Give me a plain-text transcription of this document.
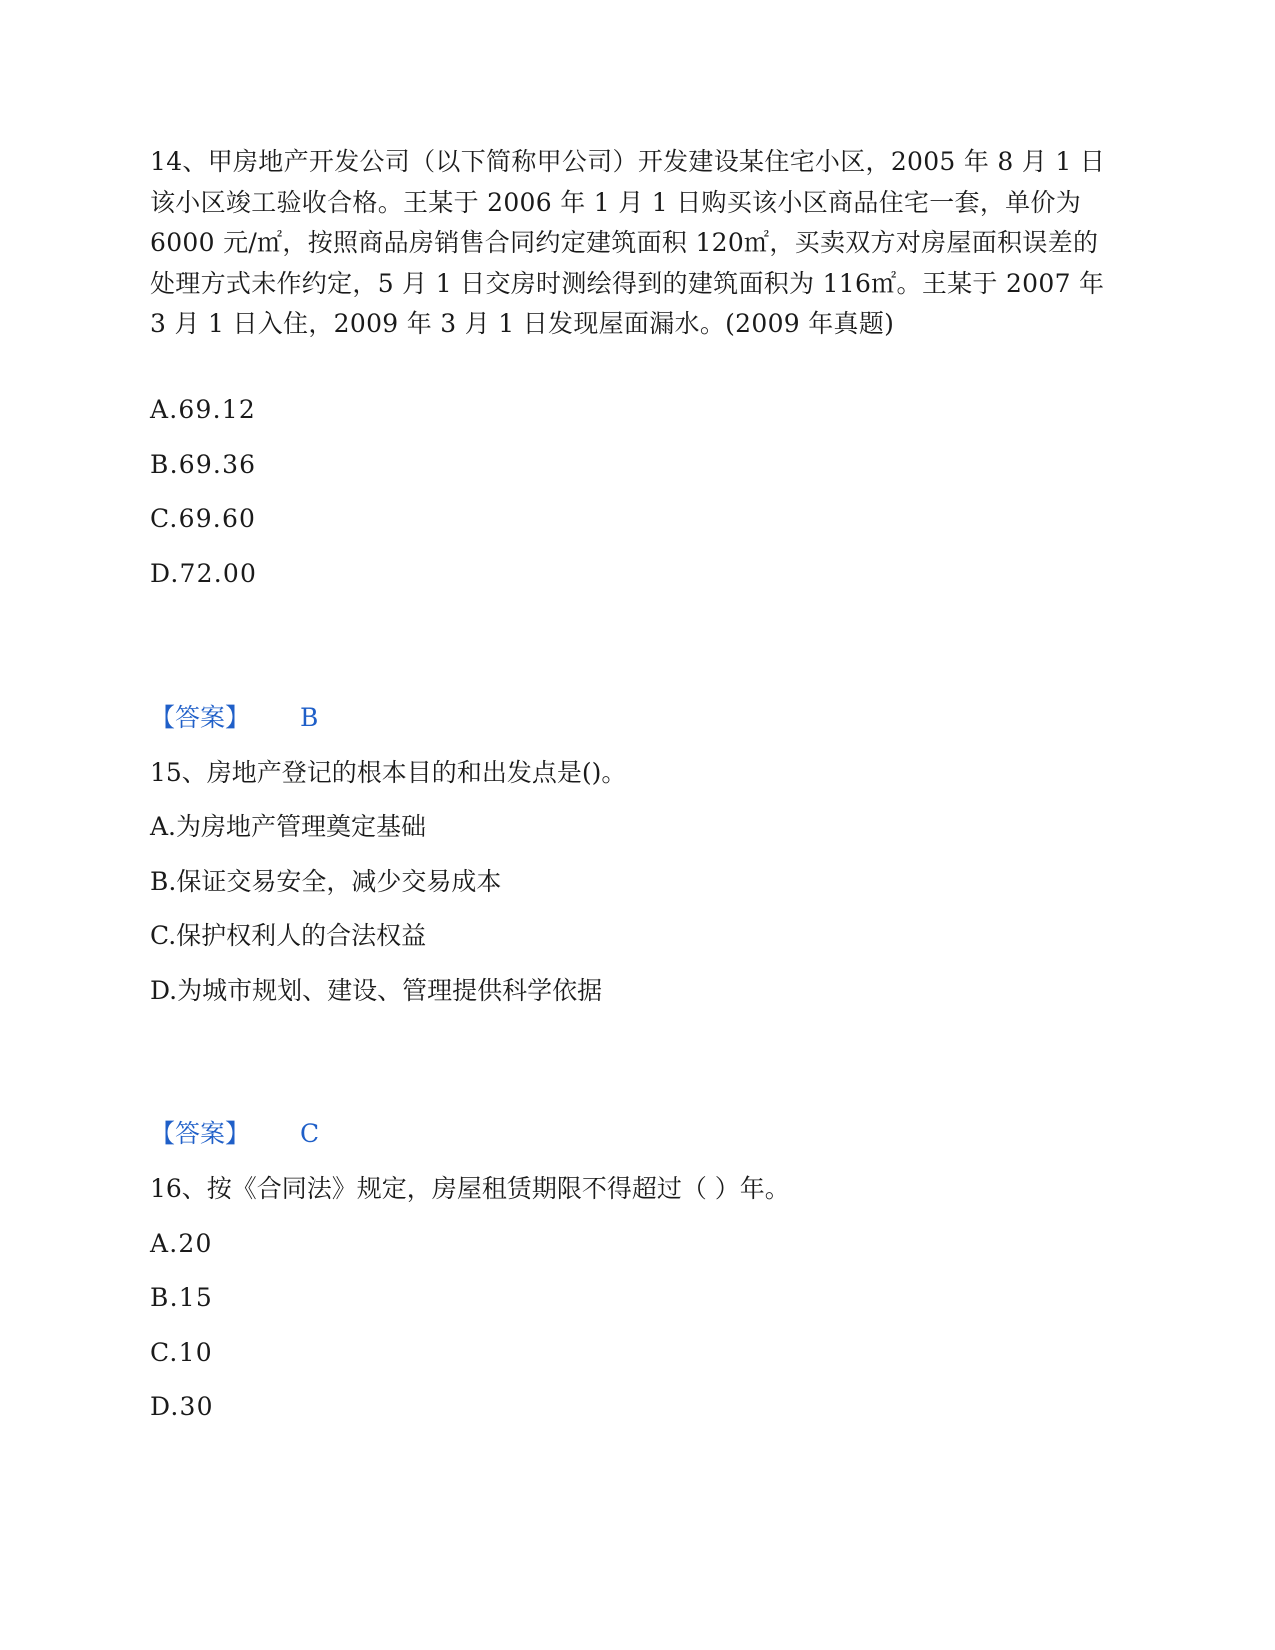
14、甲房地产开发公司（以下简称甲公司）开发建设某住宅小区，2005 年 8 月 1 日该小区竣工验收合格。王某于 2006 年 1 月 1 日购买该小区商品住宅一套，单价为 6000 元/㎡，按照商品房销售合同约定建筑面积 120㎡，买卖双方对房屋面积误差的处理方式未作约定，5 月 1 日交房时测绘得到的建筑面积为 116㎡。王某于 2007 年 3 月 1 日入住，2009 年 3 月 1 日发现屋面漏水。(2009 年真题)

A.69.12

B.69.36

C.69.60

D.72.00

【答案】 B

15、房地产登记的根本目的和出发点是()。

A.为房地产管理奠定基础

B.保证交易安全，减少交易成本

C.保护权利人的合法权益

D.为城市规划、建设、管理提供科学依据

【答案】 C

16、按《合同法》规定，房屋租赁期限不得超过（ ）年。

A.20

B.15

C.10

D.30
